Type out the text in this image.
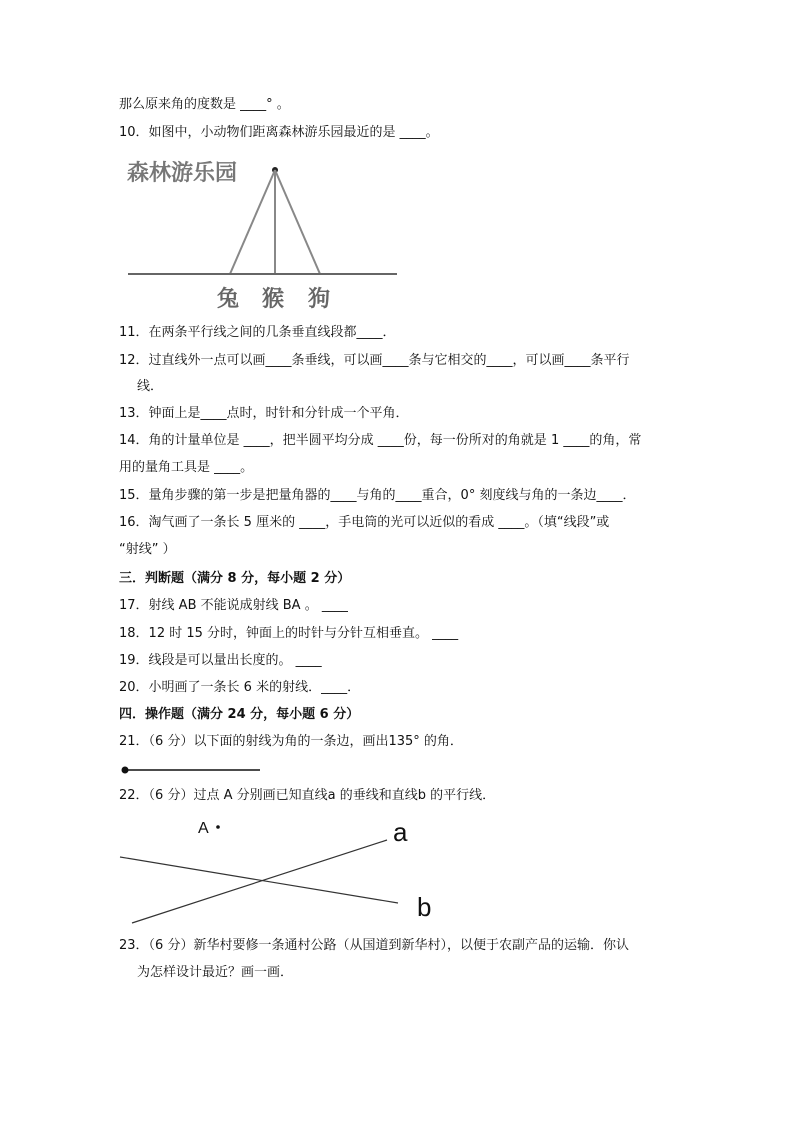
那么原来角的度数是 ____° 。
10．如图中，小动物们距离森林游乐园最近的是 ____。
森林游乐园
兔 猴 狗
11．在两条平行线之间的几条垂直线段都____．
12．过直线外一点可以画____条垂线，可以画____条与它相交的____，可以画____条平行
线．
13．钟面上是____点时，时针和分针成一个平角．
14．角的计量单位是 ____，把半圆平均分成 ____份，每一份所对的角就是 1 ____的角，常
用的量角工具是 ____。
15．量角步骤的第一步是把量角器的____与角的____重合，0° 刻度线与角的一条边____．
16．淘气画了一条长 5 厘米的 ____，手电筒的光可以近似的看成 ____。（填“线段”或
“射线” ）
三．判断题（满分 8 分，每小题 2 分）
17．射线 AB 不能说成射线 BA 。 ____
18．12 时 15 分时，钟面上的时针与分针互相垂直。 ____
19．线段是可以量出长度的。 ____
20．小明画了一条长 6 米的射线．____．
四．操作题（满分 24 分，每小题 6 分）
21．（6 分）以下面的射线为角的一条边，画出135° 的角．
22．（6 分）过点 A 分别画已知直线a 的垂线和直线b 的平行线．
A	a
b
23．（6 分）新华村要修一条通村公路（从国道到新华村），以便于农副产品的运输．你认
为怎样设计最近？画一画．
